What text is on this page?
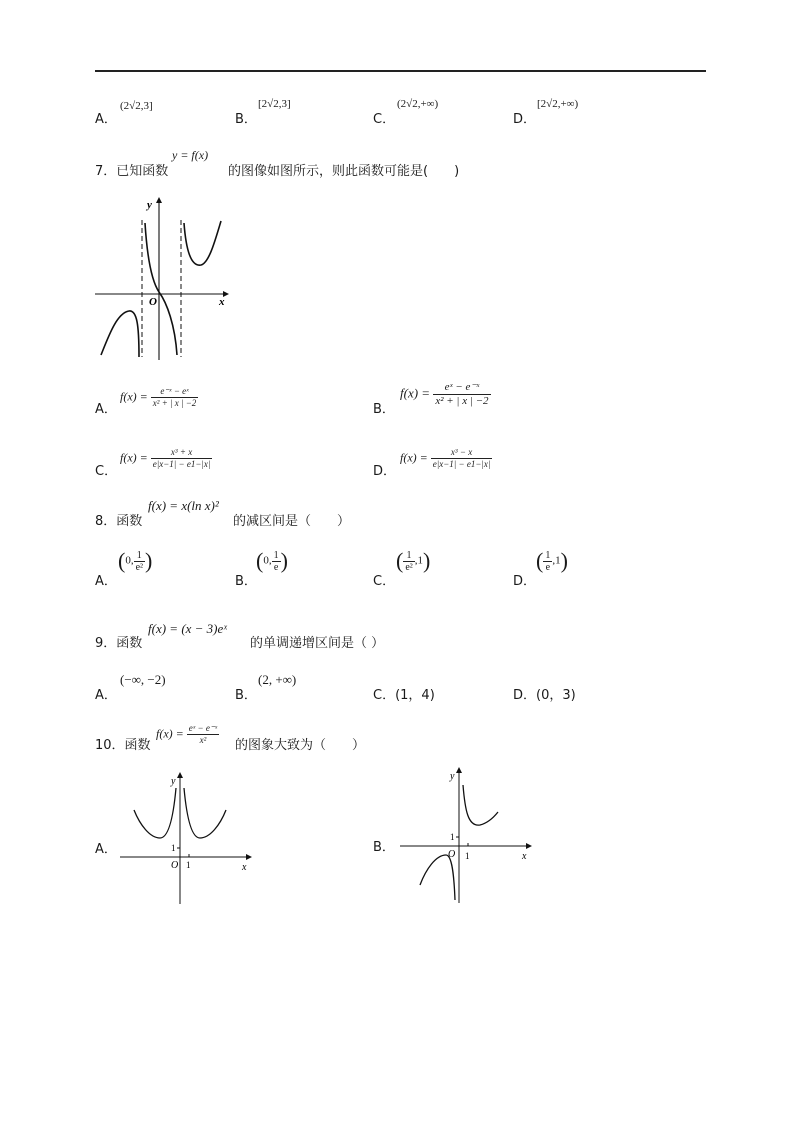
A．
(2√2,3]
B．
[2√2,3]
C．
(2√2,+∞)
D．
[2√2,+∞)
7．已知函数
y = f(x)
的图像如图所示，则此函数可能是(　　)
y
x
O
A．
$f(x) = \frac{\text{e⁻ˣ − eˣ}}{\text{x² + | x | −2}}$
B．
$f(x) = \frac{\text{eˣ − e⁻ˣ}}{\text{x² + | x | −2}}$
C．
$f(x) = \frac{\text{x³ + x}}{e|x-1| - e1-|x|}$
D．
$f(x) = \frac{\text{x³ − x}}{e|x-1| - e1-|x|}$
8．函数
f(x) = x(ln x)²
的减区间是（　　）
A．
(0, $\frac{1}{\text{e²}}$ )
B．
(0, $\frac{1}{e}$ )
C．
( $\frac{1}{\text{e²}} ,1$)
D．
( $\frac{1}{e} ,1$)
9．函数
f(x) = (x − 3)eˣ
的单调递增区间是（ ）
A．
(−∞, −2)
B．
(2, +∞)
C．(1，4)	D．(0，3)
10．函数
$f(x) = \frac{\text{eˣ − e⁻ˣ}}{\text{x²}}$ 的图象大致为（　　）
A．
y
x
O 1
1	B．
y
x
O 1
1
